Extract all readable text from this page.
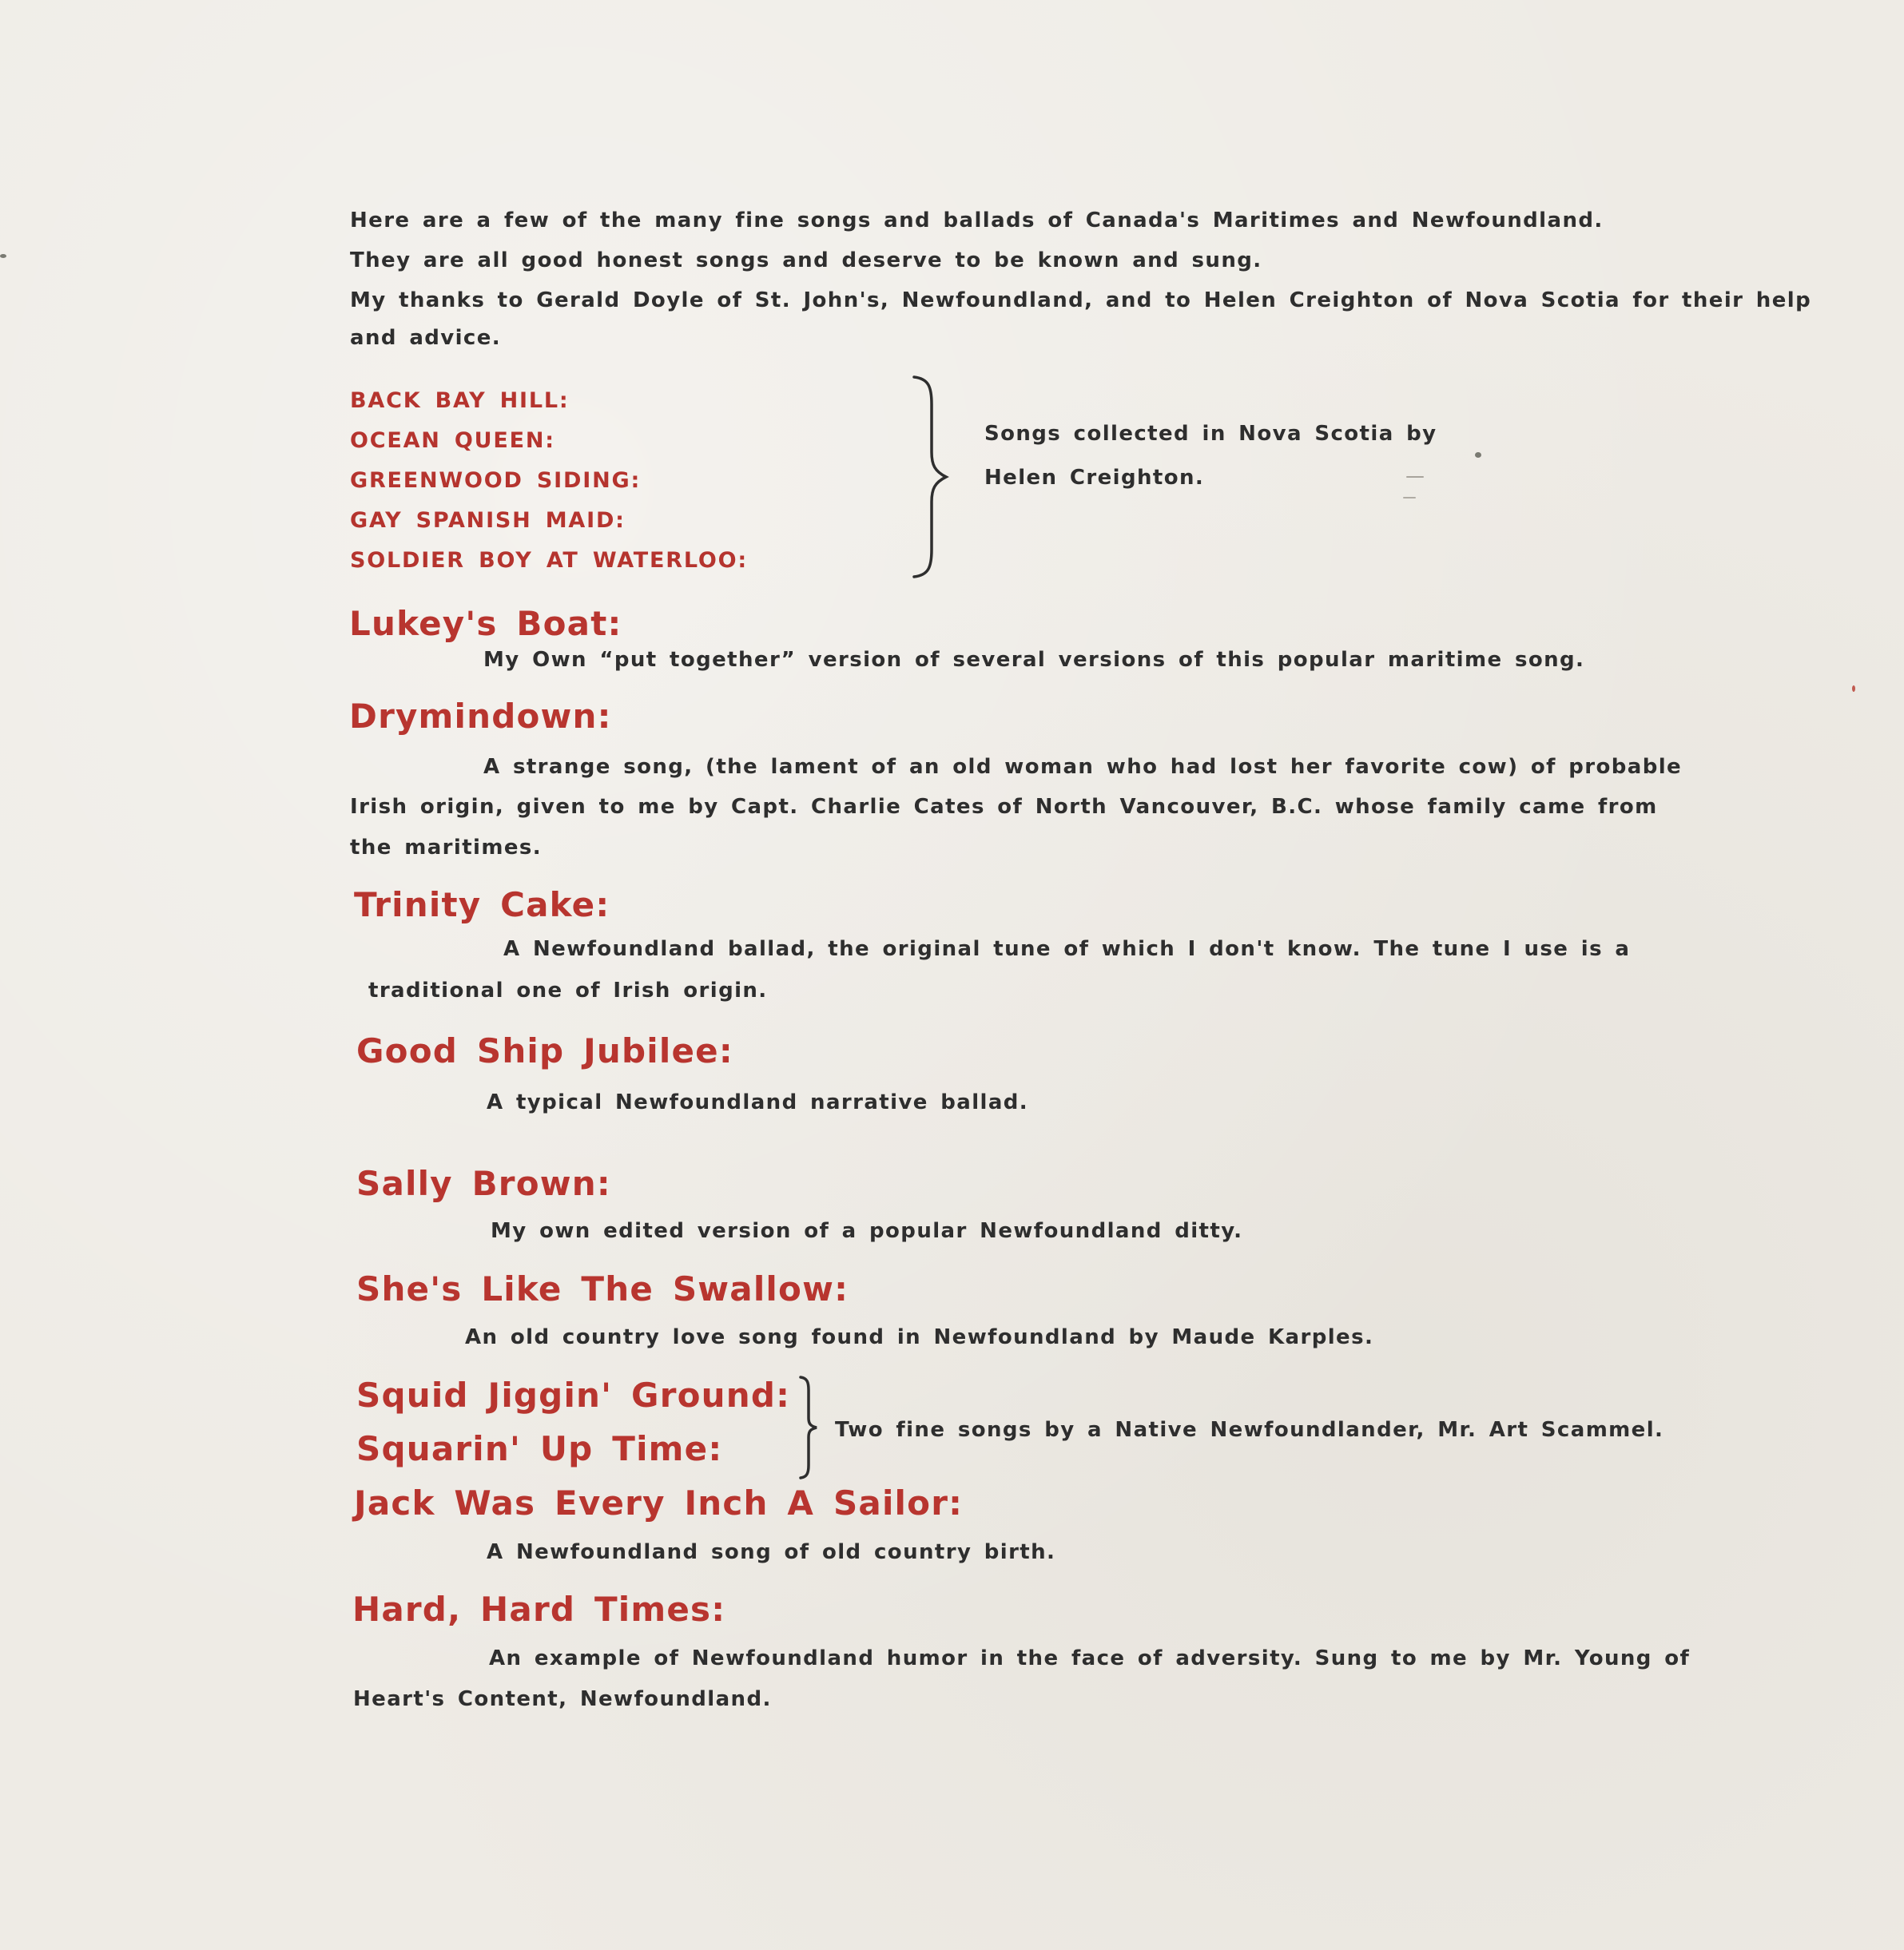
Here are a few of the many fine songs and ballads of Canada's Maritimes and Newfoundland.
They are all good honest songs and deserve to be known and sung.
My thanks to Gerald Doyle of St. John's, Newfoundland, and to Helen Creighton of Nova Scotia for their help
and advice.
BACK BAY HILL:
OCEAN QUEEN:
GREENWOOD SIDING:
GAY SPANISH MAID:
SOLDIER BOY AT WATERLOO:
Songs collected in Nova Scotia by
Helen Creighton.
Lukey's Boat:
My Own “put together” version of several versions of this popular maritime song.
Drymindown:
A strange song, (the lament of an old woman who had lost her favorite cow) of probable
Irish origin, given to me by Capt. Charlie Cates of North Vancouver, B.C. whose family came from
the maritimes.
Trinity Cake:
A Newfoundland ballad, the original tune of which I don't know. The tune I use is a
traditional one of Irish origin.
Good Ship Jubilee:
A typical Newfoundland narrative ballad.
Sally Brown:
My own edited version of a popular Newfoundland ditty.
She's Like The Swallow:
An old country love song found in Newfoundland by Maude Karples.
Squid Jiggin' Ground:
Squarin' Up Time:	Two fine songs by a Native Newfoundlander, Mr. Art Scammel.
Jack Was Every Inch A Sailor:
A Newfoundland song of old country birth.
Hard, Hard Times:
An example of Newfoundland humor in the face of adversity. Sung to me by Mr. Young of
Heart's Content, Newfoundland.
